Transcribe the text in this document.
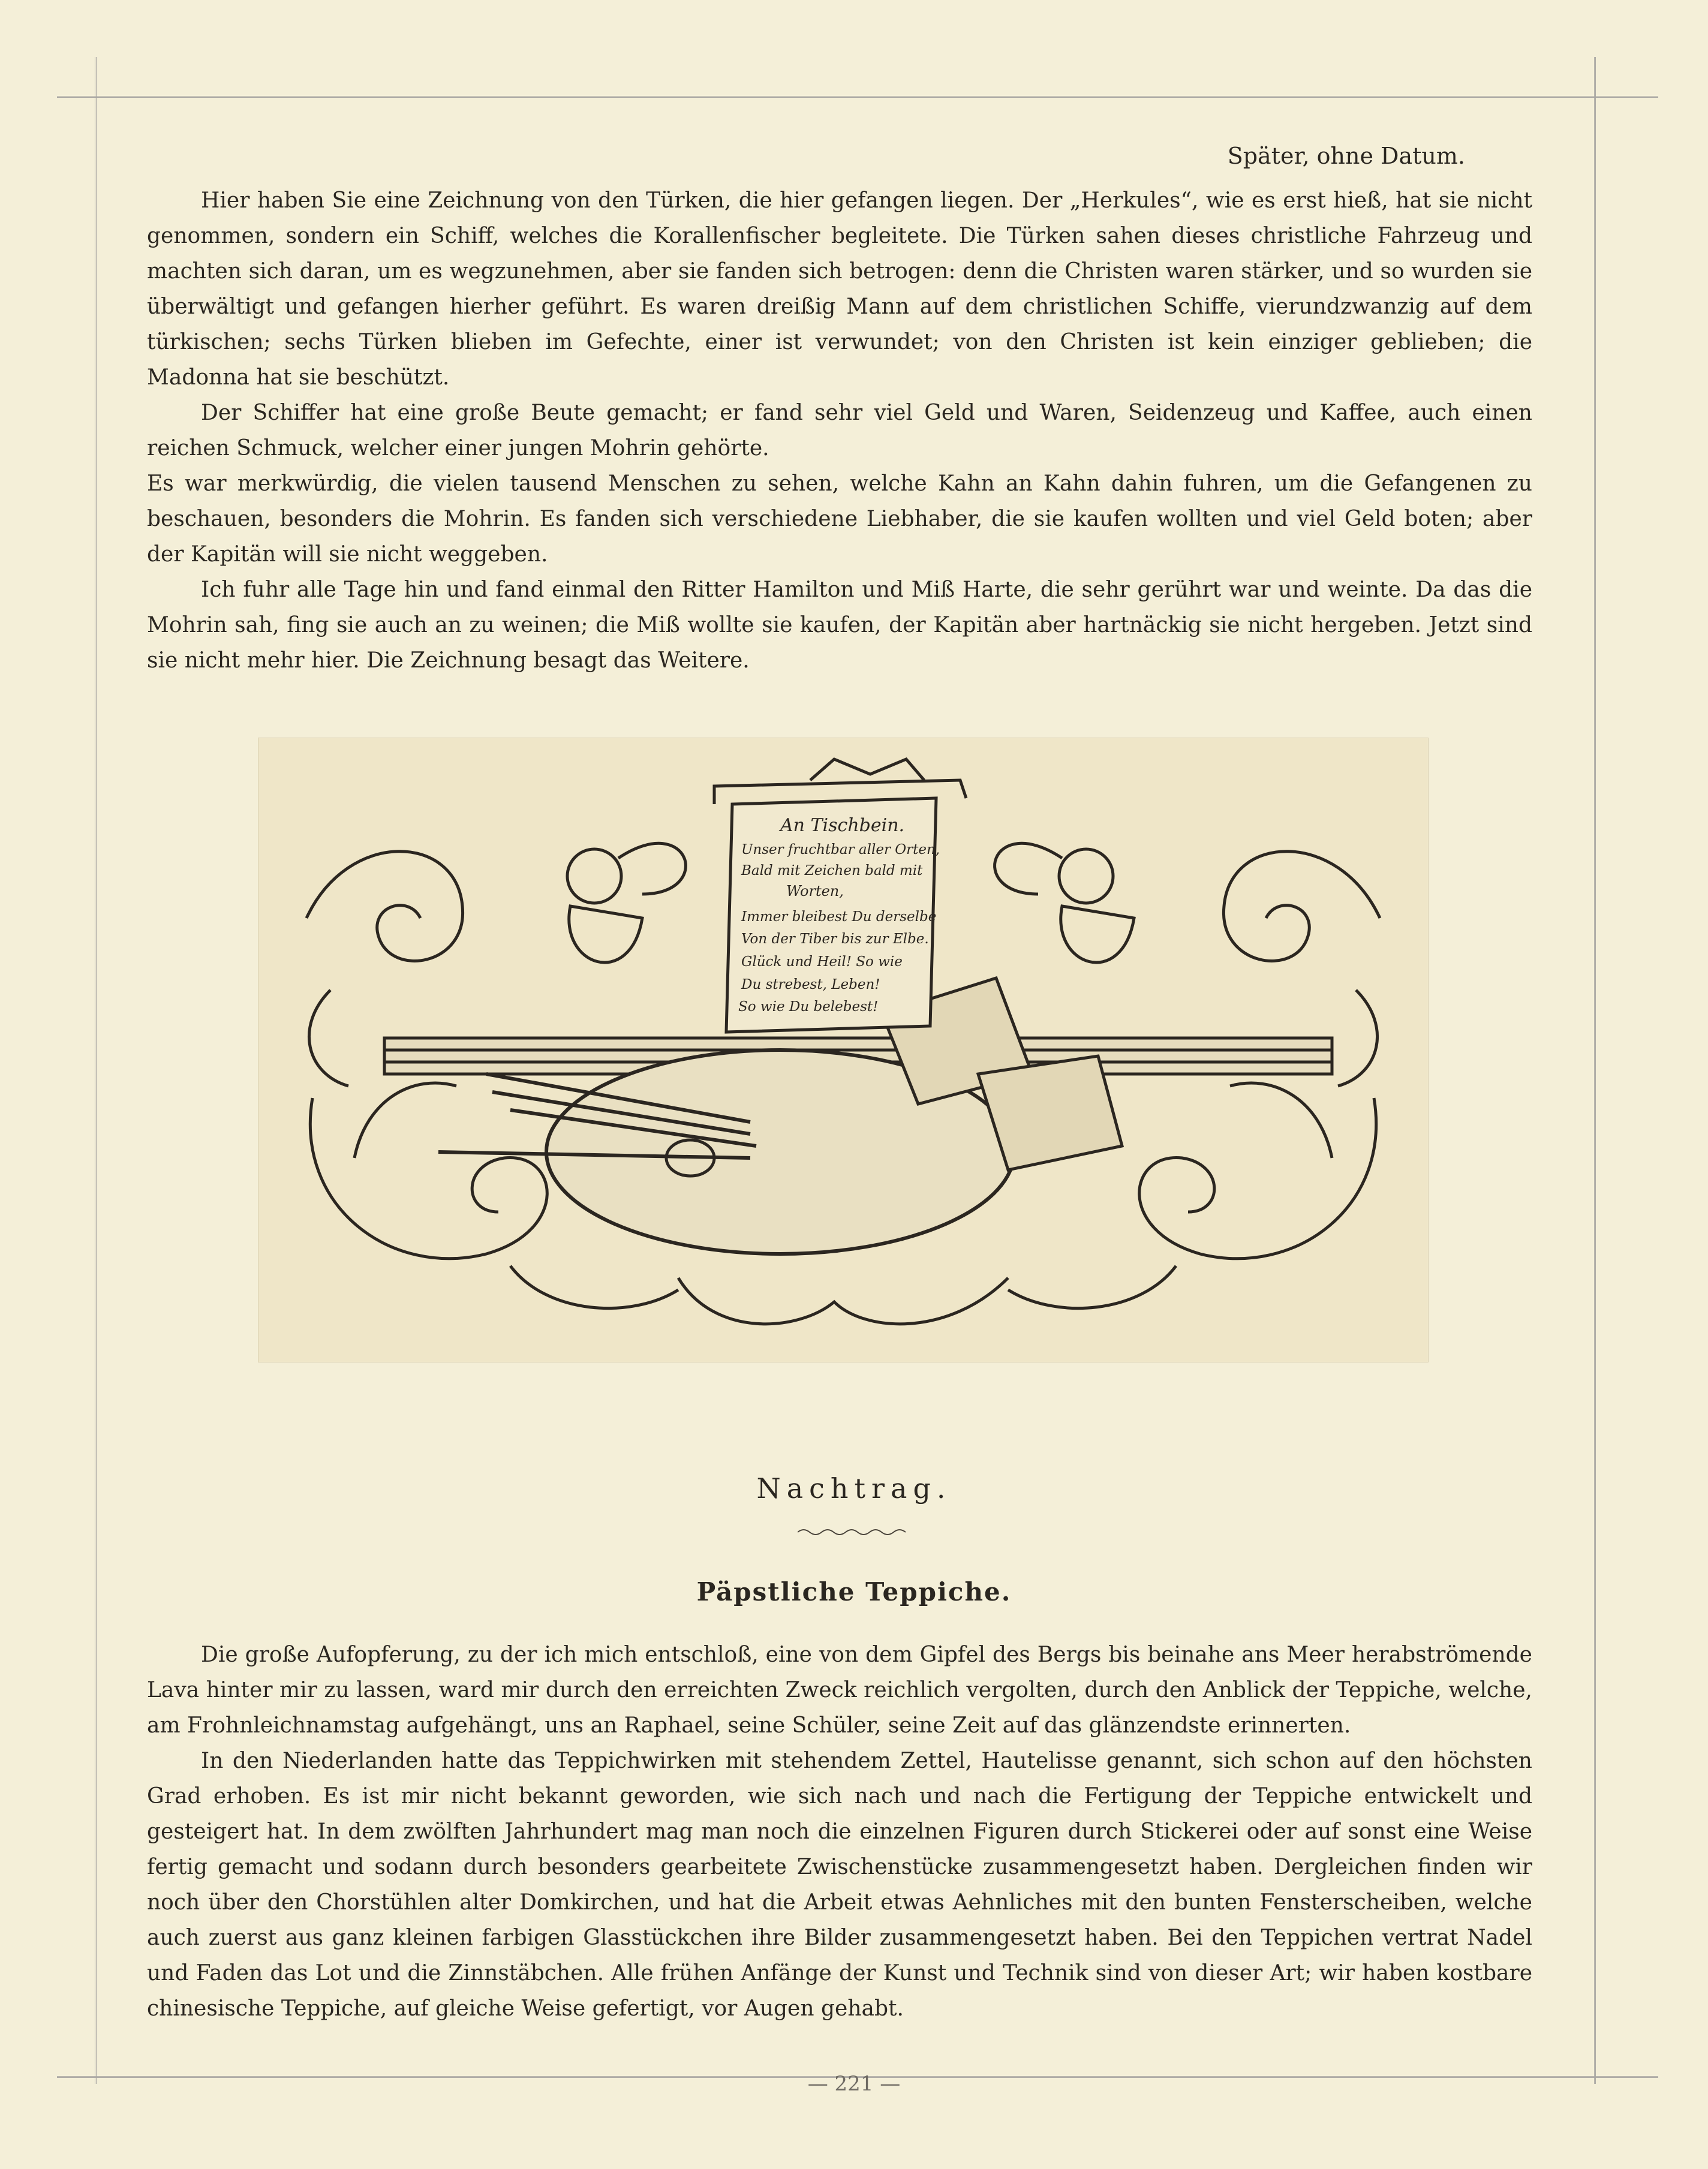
Später, ohne Datum.

Hier haben Sie eine Zeichnung von den Türken, die hier gefangen liegen. Der „Herkules“, wie es erst hieß, hat sie nicht genommen, sondern ein Schiff, welches die Korallenfischer begleitete. Die Türken sahen dieses christliche Fahrzeug und machten sich daran, um es wegzunehmen, aber sie fanden sich betrogen: denn die Christen waren stärker, und so wurden sie überwältigt und gefangen hierher geführt. Es waren dreißig Mann auf dem christlichen Schiffe, vierundzwanzig auf dem türkischen; sechs Türken blieben im Gefechte, einer ist verwundet; von den Christen ist kein einziger geblieben; die Madonna hat sie beschützt.

Der Schiffer hat eine große Beute gemacht; er fand sehr viel Geld und Waren, Seidenzeug und Kaffee, auch einen reichen Schmuck, welcher einer jungen Mohrin gehörte.

Es war merkwürdig, die vielen tausend Menschen zu sehen, welche Kahn an Kahn dahin fuhren, um die Gefangenen zu beschauen, besonders die Mohrin. Es fanden sich verschiedene Liebhaber, die sie kaufen wollten und viel Geld boten; aber der Kapitän will sie nicht weggeben.

Ich fuhr alle Tage hin und fand einmal den Ritter Hamilton und Miß Harte, die sehr gerührt war und weinte. Da das die Mohrin sah, fing sie auch an zu weinen; die Miß wollte sie kaufen, der Kapitän aber hartnäckig sie nicht hergeben. Jetzt sind sie nicht mehr hier. Die Zeichnung besagt das Weitere.

An Tischbein.
Unser fruchtbar aller Orten,
Bald mit Zeichen bald mit
Worten,
Immer bleibest Du derselbe
Von der Tiber bis zur Elbe.
Glück und Heil! So wie
Du strebest, Leben!
So wie Du belebest!
Nachtrag.
Päpstliche Teppiche.

Die große Aufopferung, zu der ich mich entschloß, eine von dem Gipfel des Bergs bis beinahe ans Meer herabströmende Lava hinter mir zu lassen, ward mir durch den erreichten Zweck reichlich vergolten, durch den Anblick der Teppiche, welche, am Frohnleichnamstag aufgehängt, uns an Raphael, seine Schüler, seine Zeit auf das glänzendste erinnerten.

In den Niederlanden hatte das Teppichwirken mit stehendem Zettel, Hautelisse genannt, sich schon auf den höchsten Grad erhoben. Es ist mir nicht bekannt geworden, wie sich nach und nach die Fertigung der Teppiche entwickelt und gesteigert hat. In dem zwölften Jahrhundert mag man noch die einzelnen Figuren durch Stickerei oder auf sonst eine Weise fertig gemacht und sodann durch besonders gearbeitete Zwischenstücke zusammengesetzt haben. Dergleichen finden wir noch über den Chorstühlen alter Domkirchen, und hat die Arbeit etwas Aehnliches mit den bunten Fensterscheiben, welche auch zuerst aus ganz kleinen farbigen Glasstückchen ihre Bilder zusammengesetzt haben. Bei den Teppichen vertrat Nadel und Faden das Lot und die Zinnstäbchen. Alle frühen Anfänge der Kunst und Technik sind von dieser Art; wir haben kostbare chinesische Teppiche, auf gleiche Weise gefertigt, vor Augen gehabt.

— 221 —
